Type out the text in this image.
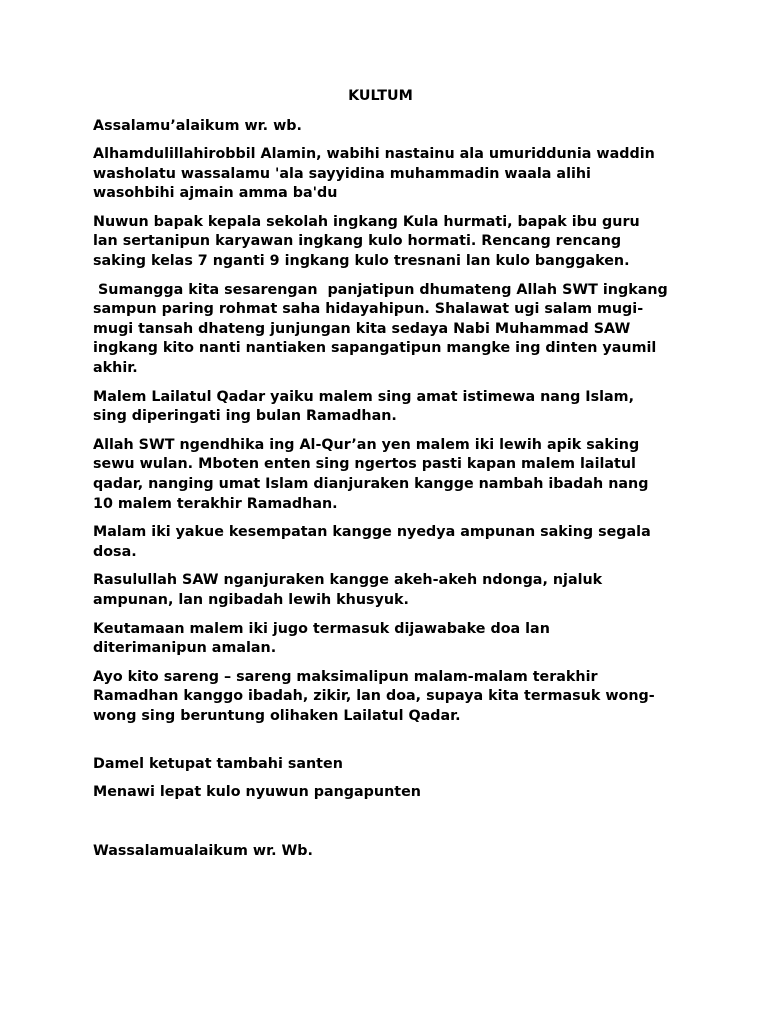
KULTUM
Assalamu’alaikum wr. wb.
Alhamdulillahirobbil Alamin, wabihi nastainu ala umuriddunia waddin washolatu wassalamu 'ala sayyidina muhammadin waala alihi wasohbihi ajmain amma ba'du
Nuwun bapak kepala sekolah ingkang Kula hurmati, bapak ibu guru lan sertanipun karyawan ingkang kulo hormati. Rencang rencang saking kelas 7 nganti 9 ingkang kulo tresnani lan kulo banggaken.
Sumangga kita sesarengan  panjatipun dhumateng Allah SWT ingkang sampun paring rohmat saha hidayahipun. Shalawat ugi salam mugi-mugi tansah dhateng junjungan kita sedaya Nabi Muhammad SAW ingkang kito nanti nantiaken sapangatipun mangke ing dinten yaumil akhir.
Malem Lailatul Qadar yaiku malem sing amat istimewa nang Islam, sing diperingati ing bulan Ramadhan.
Allah SWT ngendhika ing Al-Qur’an yen malem iki lewih apik saking sewu wulan. Mboten enten sing ngertos pasti kapan malem lailatul qadar, nanging umat Islam dianjuraken kangge nambah ibadah nang 10 malem terakhir Ramadhan.
Malam iki yakue kesempatan kangge nyedya ampunan saking segala dosa.
Rasulullah SAW nganjuraken kangge akeh-akeh ndonga, njaluk ampunan, lan ngibadah lewih khusyuk.
Keutamaan malem iki jugo termasuk dijawabake doa lan diterimanipun amalan.
Ayo kito sareng – sareng maksimalipun malam-malam terakhir Ramadhan kanggo ibadah, zikir, lan doa, supaya kita termasuk wong-wong sing beruntung olihaken Lailatul Qadar.
Damel ketupat tambahi santen
Menawi lepat kulo nyuwun pangapunten
Wassalamualaikum wr. Wb.
